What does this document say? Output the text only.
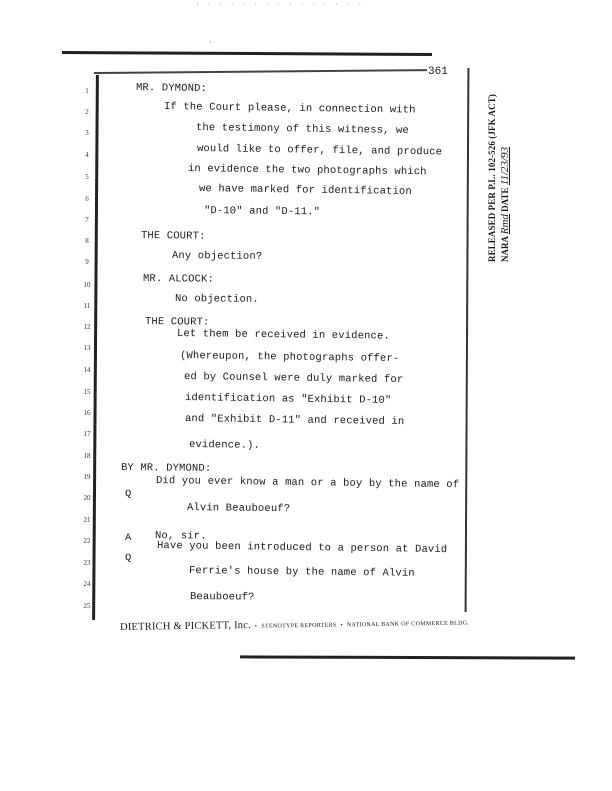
· · · · · · · · · · · · · · ·
·
361
1
2
3
4
5
6
7
8
9
10
11
12
13
14
15
16
17
18
19
20
21
22
23
24
25
MR. DYMOND:
If the Court please, in connection with
the testimony of this witness, we
would like to offer, file, and produce
in evidence the two photographs which
we have marked for identification
"D-10" and "D-11."
THE COURT:
Any objection?
MR. ALCOCK:
No objection.
THE COURT:
Let them be received in evidence.
(Whereupon, the photographs offer-
ed by Counsel were duly marked for
identification as "Exhibit D-10"
and "Exhibit D-11" and received in
evidence.).
BY MR. DYMOND:
Q
Did you ever know a man or a boy by the name of
Alvin Beauboeuf?
A No, sir.
Q
Have you been introduced to a person at David
Ferrie's house by the name of Alvin
Beauboeuf?
DIETRICH & PICKETT, Inc. • STENOTYPE REPORTERS • NATIONAL BANK OF COMMERCE BLDG.
RELEASED PER P.L. 102-526 (JFK ACT) NARA Rmd DATE 11/23/93
